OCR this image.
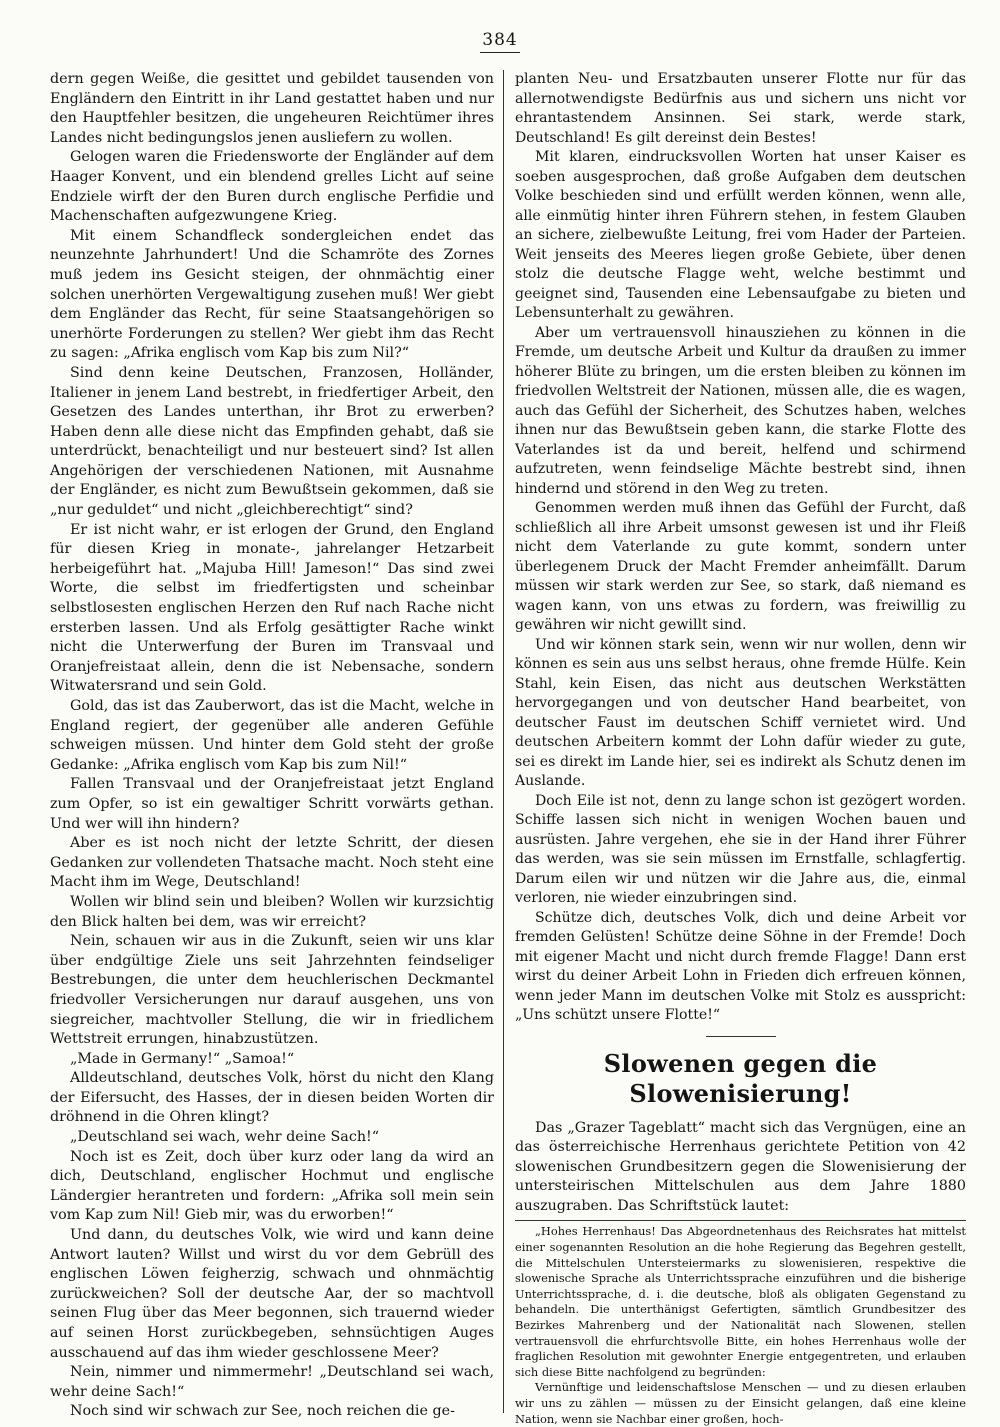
384

dern gegen Weiße, die gesittet und gebildet tausenden von Engländern den Eintritt in ihr Land gestattet haben und nur den Hauptfehler besitzen, die ungeheuren Reichtümer ihres Landes nicht bedingungslos jenen ausliefern zu wollen.

Gelogen waren die Friedensworte der Engländer auf dem Haager Konvent, und ein blendend grelles Licht auf seine Endziele wirft der den Buren durch englische Perfidie und Machenschaften aufgezwungene Krieg.

Mit einem Schandfleck sondergleichen endet das neunzehnte Jahrhundert! Und die Schamröte des Zornes muß jedem ins Gesicht steigen, der ohnmächtig einer solchen unerhörten Vergewaltigung zusehen muß! Wer giebt dem Engländer das Recht, für seine Staatsangehörigen so unerhörte Forderungen zu stellen? Wer giebt ihm das Recht zu sagen: „Afrika englisch vom Kap bis zum Nil?“

Sind denn keine Deutschen, Franzosen, Holländer, Italiener in jenem Land bestrebt, in friedfertiger Arbeit, den Gesetzen des Landes unterthan, ihr Brot zu erwerben? Haben denn alle diese nicht das Empfinden gehabt, daß sie unterdrückt, benachteiligt und nur besteuert sind? Ist allen Angehörigen der verschiedenen Nationen, mit Ausnahme der Engländer, es nicht zum Bewußtsein gekommen, daß sie „nur geduldet“ und nicht „gleichberechtigt“ sind?

Er ist nicht wahr, er ist erlogen der Grund, den England für diesen Krieg in monate-, jahrelanger Hetzarbeit herbeigeführt hat. „Majuba Hill! Jameson!“ Das sind zwei Worte, die selbst im friedfertigsten und scheinbar selbstlosesten englischen Herzen den Ruf nach Rache nicht ersterben lassen. Und als Erfolg gesättigter Rache winkt nicht die Unterwerfung der Buren im Transvaal und Oranjefreistaat allein, denn die ist Nebensache, sondern Witwatersrand und sein Gold.

Gold, das ist das Zauberwort, das ist die Macht, welche in England regiert, der gegenüber alle anderen Gefühle schweigen müssen. Und hinter dem Gold steht der große Gedanke: „Afrika englisch vom Kap bis zum Nil!“

Fallen Transvaal und der Oranjefreistaat jetzt England zum Opfer, so ist ein gewaltiger Schritt vorwärts gethan. Und wer will ihn hindern?

Aber es ist noch nicht der letzte Schritt, der diesen Gedanken zur vollendeten Thatsache macht. Noch steht eine Macht ihm im Wege, Deutschland!

Wollen wir blind sein und bleiben? Wollen wir kurzsichtig den Blick halten bei dem, was wir erreicht?

Nein, schauen wir aus in die Zukunft, seien wir uns klar über endgültige Ziele uns seit Jahrzehnten feindseliger Bestrebungen, die unter dem heuchlerischen Deckmantel friedvoller Versicherungen nur darauf ausgehen, uns von siegreicher, machtvoller Stellung, die wir in friedlichem Wettstreit errungen, hinabzustützen.

„Made in Germany!“ „Samoa!“

Alldeutschland, deutsches Volk, hörst du nicht den Klang der Eifersucht, des Hasses, der in diesen beiden Worten dir dröhnend in die Ohren klingt?

„Deutschland sei wach, wehr deine Sach!“

Noch ist es Zeit, doch über kurz oder lang da wird an dich, Deutschland, englischer Hochmut und englische Ländergier herantreten und fordern: „Afrika soll mein sein vom Kap zum Nil! Gieb mir, was du erworben!“

Und dann, du deutsches Volk, wie wird und kann deine Antwort lauten? Willst und wirst du vor dem Gebrüll des englischen Löwen feigherzig, schwach und ohnmächtig zurückweichen? Soll der deutsche Aar, der so machtvoll seinen Flug über das Meer begonnen, sich trauernd wieder auf seinen Horst zurückbegeben, sehnsüchtigen Auges ausschauend auf das ihm wieder geschlossene Meer?

Nein, nimmer und nimmermehr! „Deutschland sei wach, wehr deine Sach!“

Noch sind wir schwach zur See, noch reichen die ge-

planten Neu- und Ersatzbauten unserer Flotte nur für das allernotwendigste Bedürfnis aus und sichern uns nicht vor ehrantastendem Ansinnen. Sei stark, werde stark, Deutschland! Es gilt dereinst dein Bestes!

Mit klaren, eindrucksvollen Worten hat unser Kaiser es soeben ausgesprochen, daß große Aufgaben dem deutschen Volke beschieden sind und erfüllt werden können, wenn alle, alle einmütig hinter ihren Führern stehen, in festem Glauben an sichere, zielbewußte Leitung, frei vom Hader der Parteien. Weit jenseits des Meeres liegen große Gebiete, über denen stolz die deutsche Flagge weht, welche bestimmt und geeignet sind, Tausenden eine Lebensaufgabe zu bieten und Lebensunterhalt zu gewähren.

Aber um vertrauensvoll hinausziehen zu können in die Fremde, um deutsche Arbeit und Kultur da draußen zu immer höherer Blüte zu bringen, um die ersten bleiben zu können im friedvollen Weltstreit der Nationen, müssen alle, die es wagen, auch das Gefühl der Sicherheit, des Schutzes haben, welches ihnen nur das Bewußtsein geben kann, die starke Flotte des Vaterlandes ist da und bereit, helfend und schirmend aufzutreten, wenn feindselige Mächte bestrebt sind, ihnen hindernd und störend in den Weg zu treten.

Genommen werden muß ihnen das Gefühl der Furcht, daß schließlich all ihre Arbeit umsonst gewesen ist und ihr Fleiß nicht dem Vaterlande zu gute kommt, sondern unter überlegenem Druck der Macht Fremder anheimfällt. Darum müssen wir stark werden zur See, so stark, daß niemand es wagen kann, von uns etwas zu fordern, was freiwillig zu gewähren wir nicht gewillt sind.

Und wir können stark sein, wenn wir nur wollen, denn wir können es sein aus uns selbst heraus, ohne fremde Hülfe. Kein Stahl, kein Eisen, das nicht aus deutschen Werkstätten hervorgegangen und von deutscher Hand bearbeitet, von deutscher Faust im deutschen Schiff vernietet wird. Und deutschen Arbeitern kommt der Lohn dafür wieder zu gute, sei es direkt im Lande hier, sei es indirekt als Schutz denen im Auslande.

Doch Eile ist not, denn zu lange schon ist gezögert worden. Schiffe lassen sich nicht in wenigen Wochen bauen und ausrüsten. Jahre vergehen, ehe sie in der Hand ihrer Führer das werden, was sie sein müssen im Ernstfalle, schlagfertig. Darum eilen wir und nützen wir die Jahre aus, die, einmal verloren, nie wieder einzubringen sind.

Schütze dich, deutsches Volk, dich und deine Arbeit vor fremden Gelüsten! Schütze deine Söhne in der Fremde! Doch mit eigener Macht und nicht durch fremde Flagge! Dann erst wirst du deiner Arbeit Lohn in Frieden dich erfreuen können, wenn jeder Mann im deutschen Volke mit Stolz es ausspricht: „Uns schützt unsere Flotte!“

Slowenen gegen die Slowenisierung!

Das „Grazer Tageblatt“ macht sich das Vergnügen, eine an das österreichische Herrenhaus gerichtete Petition von 42 slowenischen Grundbesitzern gegen die Slowenisierung der untersteirischen Mittelschulen aus dem Jahre 1880 auszugraben. Das Schriftstück lautet:

„Hohes Herrenhaus! Das Abgeordnetenhaus des Reichsrates hat mittelst einer sogenannten Resolution an die hohe Regierung das Begehren gestellt, die Mittelschulen Untersteiermarks zu slowenisieren, respektive die slowenische Sprache als Unterrichtssprache einzuführen und die bisherige Unterrichtssprache, d. i. die deutsche, bloß als obligaten Gegenstand zu behandeln. Die unterthänigst Gefertigten, sämtlich Grundbesitzer des Bezirkes Mahrenberg und der Nationalität nach Slowenen, stellen vertrauensvoll die ehrfurchtsvolle Bitte, ein hohes Herrenhaus wolle der fraglichen Resolution mit gewohnter Energie entgegentreten, und erlauben sich diese Bitte nachfolgend zu begründen:

Vernünftige und leidenschaftslose Menschen — und zu diesen erlauben wir uns zu zählen — müssen zu der Einsicht gelangen, daß eine kleine Nation, wenn sie Nachbar einer großen, hoch-
